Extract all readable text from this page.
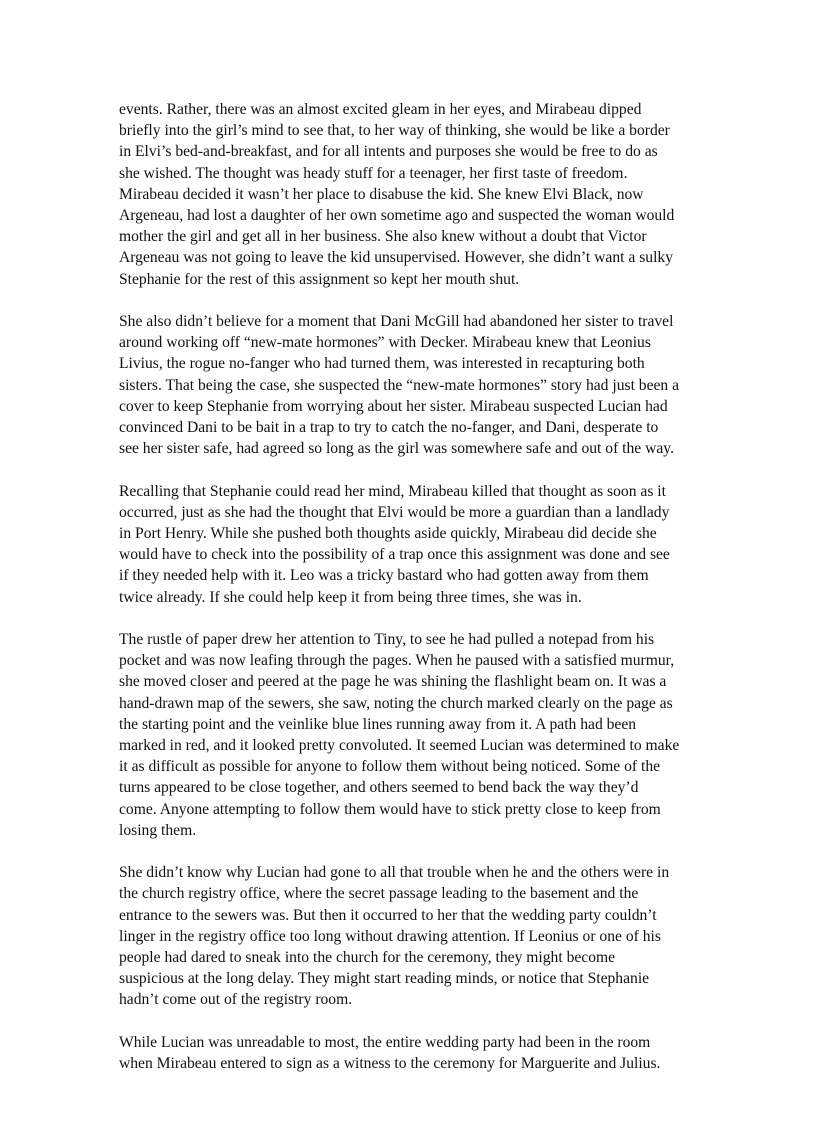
events. Rather, there was an almost excited gleam in her eyes, and Mirabeau dipped
briefly into the girl’s mind to see that, to her way of thinking, she would be like a border
in Elvi’s bed-and-breakfast, and for all intents and purposes she would be free to do as
she wished. The thought was heady stuff for a teenager, her first taste of freedom.
Mirabeau decided it wasn’t her place to disabuse the kid. She knew Elvi Black, now
Argeneau, had lost a daughter of her own sometime ago and suspected the woman would
mother the girl and get all in her business. She also knew without a doubt that Victor
Argeneau was not going to leave the kid unsupervised. However, she didn’t want a sulky
Stephanie for the rest of this assignment so kept her mouth shut.

She also didn’t believe for a moment that Dani McGill had abandoned her sister to travel
around working off “new-mate hormones” with Decker. Mirabeau knew that Leonius
Livius, the rogue no-fanger who had turned them, was interested in recapturing both
sisters. That being the case, she suspected the “new-mate hormones” story had just been a
cover to keep Stephanie from worrying about her sister. Mirabeau suspected Lucian had
convinced Dani to be bait in a trap to try to catch the no-fanger, and Dani, desperate to
see her sister safe, had agreed so long as the girl was somewhere safe and out of the way.

Recalling that Stephanie could read her mind, Mirabeau killed that thought as soon as it
occurred, just as she had the thought that Elvi would be more a guardian than a landlady
in Port Henry. While she pushed both thoughts aside quickly, Mirabeau did decide she
would have to check into the possibility of a trap once this assignment was done and see
if they needed help with it. Leo was a tricky bastard who had gotten away from them
twice already. If she could help keep it from being three times, she was in.

The rustle of paper drew her attention to Tiny, to see he had pulled a notepad from his
pocket and was now leafing through the pages. When he paused with a satisfied murmur,
she moved closer and peered at the page he was shining the flashlight beam on. It was a
hand-drawn map of the sewers, she saw, noting the church marked clearly on the page as
the starting point and the veinlike blue lines running away from it. A path had been
marked in red, and it looked pretty convoluted. It seemed Lucian was determined to make
it as difficult as possible for anyone to follow them without being noticed. Some of the
turns appeared to be close together, and others seemed to bend back the way they’d
come. Anyone attempting to follow them would have to stick pretty close to keep from
losing them.

She didn’t know why Lucian had gone to all that trouble when he and the others were in
the church registry office, where the secret passage leading to the basement and the
entrance to the sewers was. But then it occurred to her that the wedding party couldn’t
linger in the registry office too long without drawing attention. If Leonius or one of his
people had dared to sneak into the church for the ceremony, they might become
suspicious at the long delay. They might start reading minds, or notice that Stephanie
hadn’t come out of the registry room.

While Lucian was unreadable to most, the entire wedding party had been in the room
when Mirabeau entered to sign as a witness to the ceremony for Marguerite and Julius.
